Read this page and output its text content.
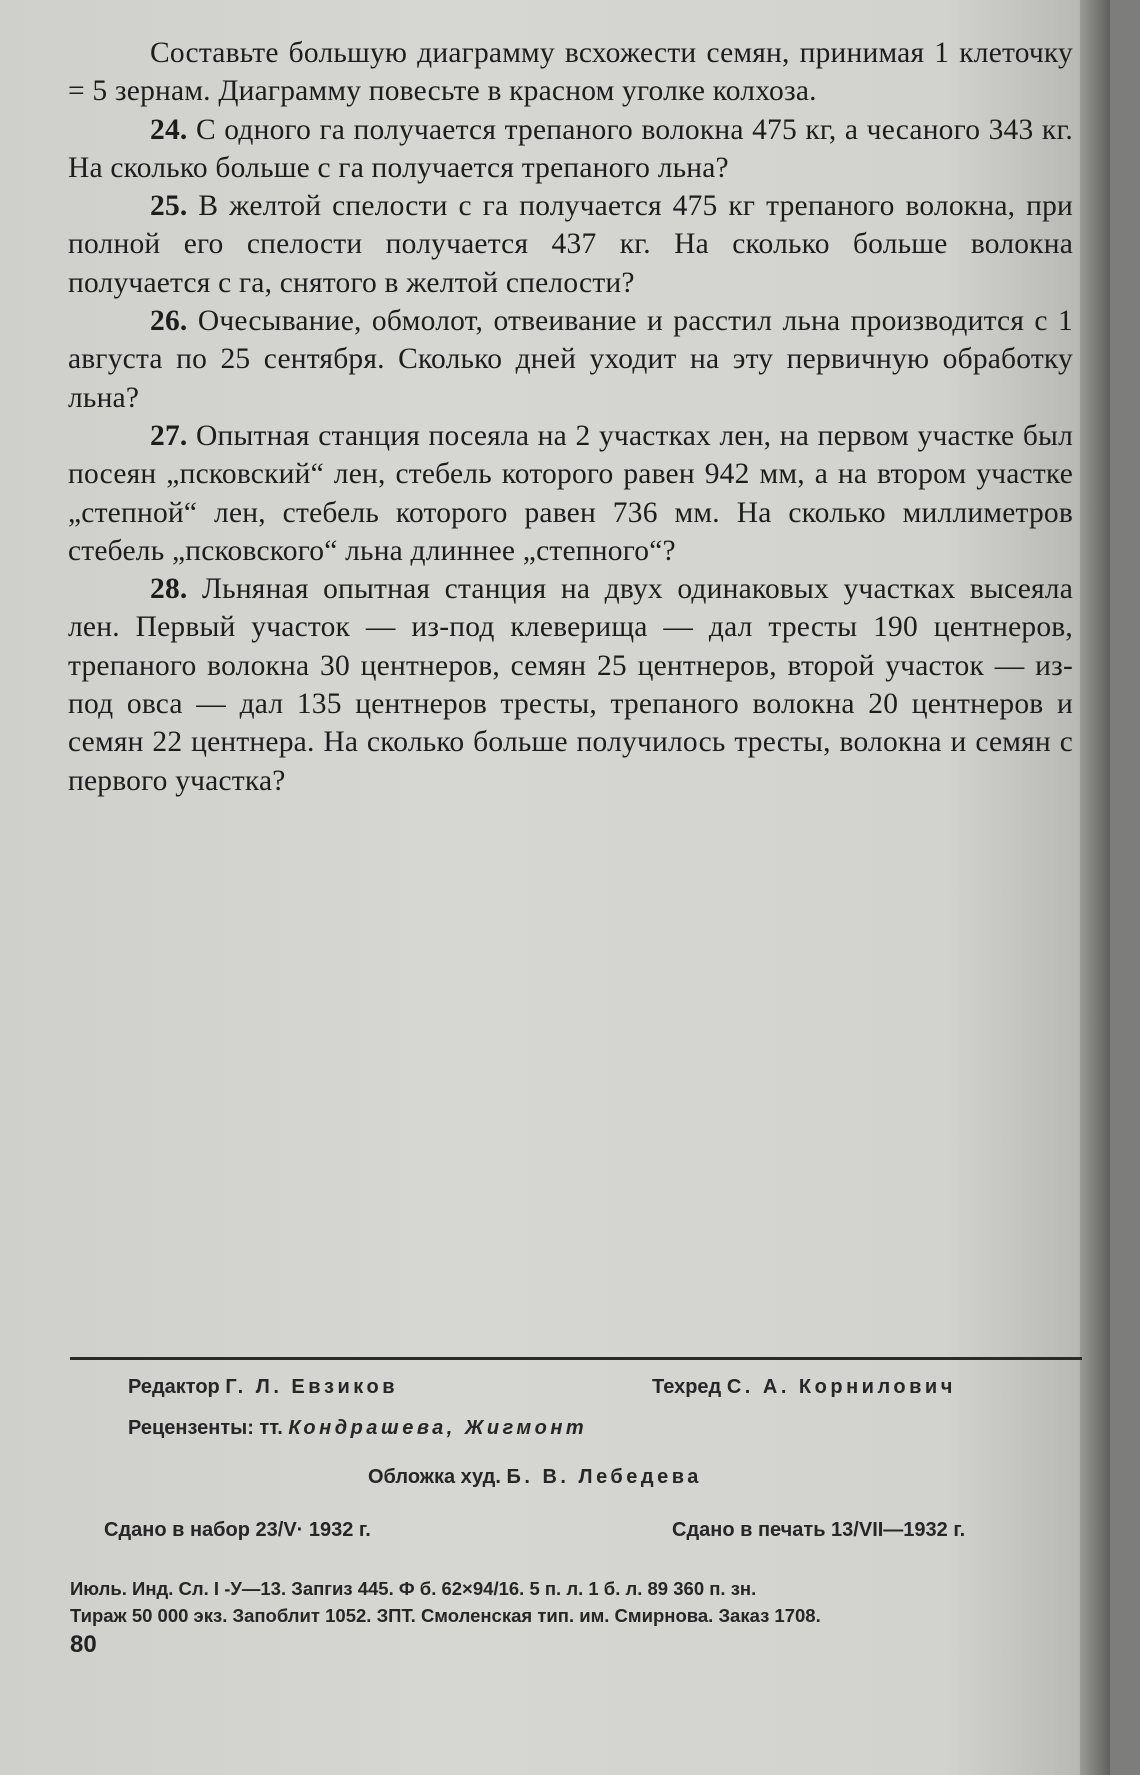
Составьте большую диаграмму всхожести семян, принимая 1 клеточку = 5 зернам. Диаграмму повесьте в красном уголке колхоза.

24. С одного га получается трепаного волокна 475 кг, а чесаного 343 кг. На сколько больше с га получается трепаного льна?

25. В желтой спелости с га получается 475 кг трепаного волокна, при полной его спелости получается 437 кг. На сколько больше волокна получается с га, снятого в желтой спелости?

26. Очесывание, обмолот, отвеивание и расстил льна производится с 1 августа по 25 сентября. Сколько дней уходит на эту первичную обработку льна?

27. Опытная станция посеяла на 2 участках лен, на первом участке был посеян „псковский“ лен, стебель которого равен 942 мм, а на втором участке „степной“ лен, стебель которого равен 736 мм. На сколько миллиметров стебель „псковского“ льна длиннее „степного“?

28. Льняная опытная станция на двух одинаковых участках высеяла лен. Первый участок — из-под клеверища — дал тресты 190 центнеров, трепаного волокна 30 центнеров, семян 25 центнеров, второй участок — из-под овса — дал 135 центнеров тресты, трепаного волокна 20 центнеров и семян 22 центнера. На сколько больше получилось тресты, волокна и семян с первого участка?

Редактор Г. Л. Евзиков	Техред С. А. Корнилович
Рецензенты: тт. Кондрашева, Жигмонт
Обложка худ. Б. В. Лебедева
Сдано в набор 23/V· 1932 г.	Сдано в печать 13/VII—1932 г.
Июль. Инд. Сл. I -У—13. Запгиз 445. Ф б. 62×94/16. 5 п. л. 1 б. л. 89 360 п. зн.
Тираж 50 000 экз. Запоблит 1052. ЗПТ. Смоленская тип. им. Смирнова. Заказ 1708.
80
